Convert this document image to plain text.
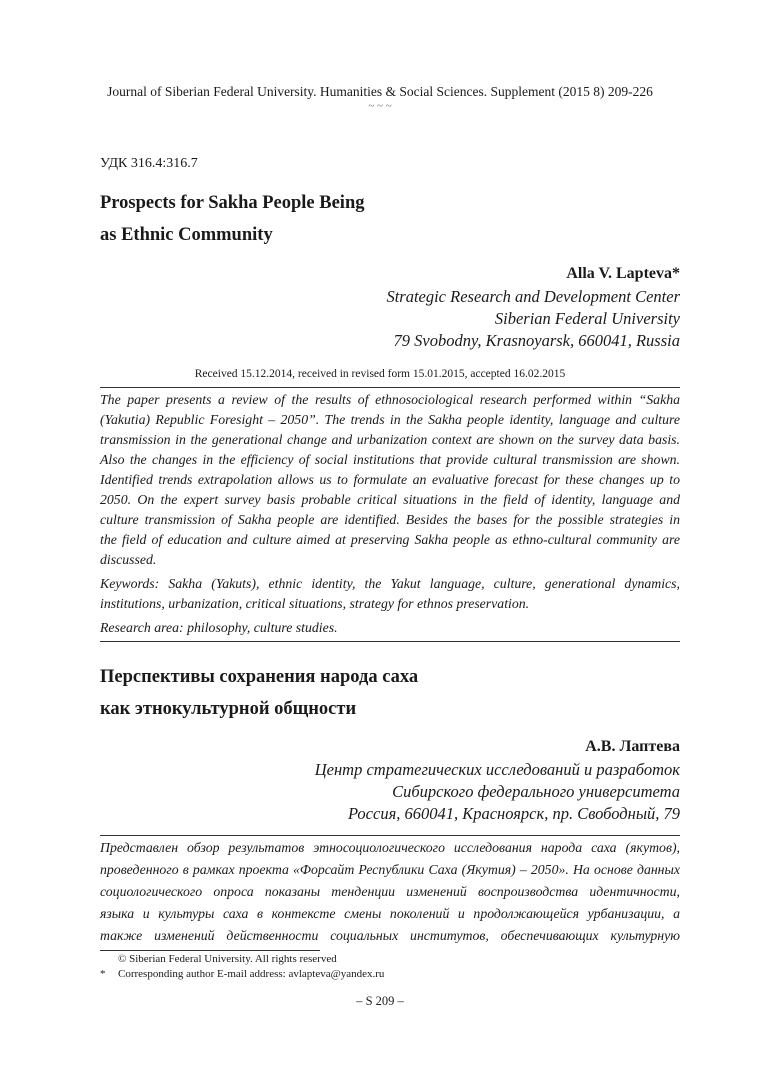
Journal of Siberian Federal University. Humanities & Social Sciences. Supplement (2015 8) 209-226
~ ~ ~
УДК 316.4:316.7
Prospects for Sakha People Being
as Ethnic Community
Alla V. Lapteva*
Strategic Research and Development Center
Siberian Federal University
79 Svobodny, Krasnoyarsk, 660041, Russia
Received 15.12.2014, received in revised form 15.01.2015, accepted 16.02.2015
The paper presents a review of the results of ethnosociological research performed within “Sakha
(Yakutia) Republic Foresight – 2050”. The trends in the Sakha people identity, language and culture
transmission in the generational change and urbanization context are shown on the survey data basis.
Also the changes in the efficiency of social institutions that provide cultural transmission are shown.
Identified trends extrapolation allows us to formulate an evaluative forecast for these changes up to
2050. On the expert survey basis probable critical situations in the field of identity, language and
culture transmission of Sakha people are identified. Besides the bases for the possible strategies in
the field of education and culture aimed at preserving Sakha people as ethno-cultural community are
discussed.
Keywords: Sakha (Yakuts), ethnic identity, the Yakut language, culture, generational dynamics,
institutions, urbanization, critical situations, strategy for ethnos preservation.
Research area: philosophy, culture studies.
Перспективы сохранения народа саха
как этнокультурной общности
А.В. Лаптева
Центр стратегических исследований и разработок
Сибирского федерального университета
Россия, 660041, Красноярск, пр. Свободный, 79
Представлен обзор результатов этносоциологического исследования народа саха (якутов),
проведенного в рамках проекта «Форсайт Республики Саха (Якутия) – 2050». На основе данных
социологического опроса показаны тенденции изменений воспроизводства идентичности,
языка и культуры саха в контексте смены поколений и продолжающейся урбанизации, а
также изменений действенности социальных институтов, обеспечивающих культурную
© Siberian Federal University. All rights reserved
* Corresponding author E-mail address: avlapteva@yandex.ru
– S 209 –
